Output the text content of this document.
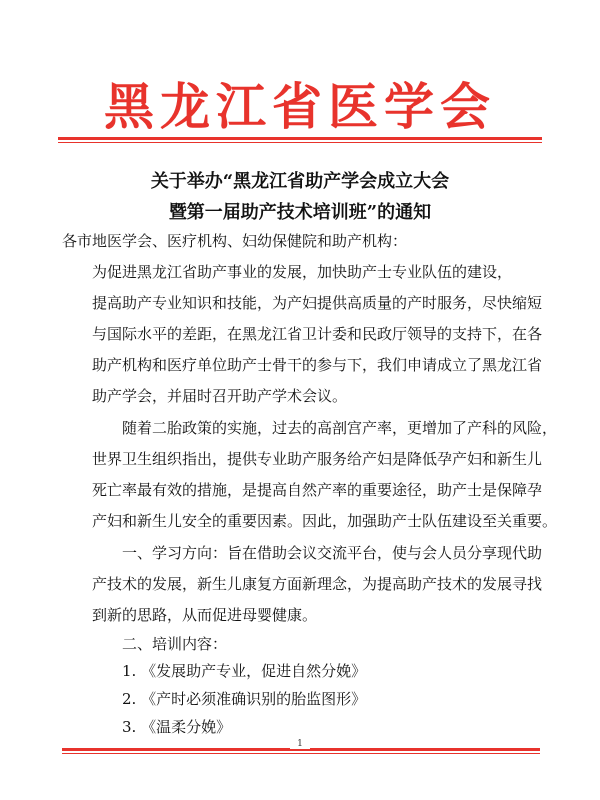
黑龙江省医学会
关于举办“黑龙江省助产学会成立大会
暨第一届助产技术培训班”的通知
各市地医学会、医疗机构、妇幼保健院和助产机构：
为促进黑龙江省助产事业的发展，加快助产士专业队伍的建设，
提高助产专业知识和技能，为产妇提供高质量的产时服务，尽快缩短
与国际水平的差距，在黑龙江省卫计委和民政厅领导的支持下，在各
助产机构和医疗单位助产士骨干的参与下，我们申请成立了黑龙江省
助产学会，并届时召开助产学术会议。
随着二胎政策的实施，过去的高剖宫产率，更增加了产科的风险，
世界卫生组织指出，提供专业助产服务给产妇是降低孕产妇和新生儿
死亡率最有效的措施，是提高自然产率的重要途径，助产士是保障孕
产妇和新生儿安全的重要因素。因此，加强助产士队伍建设至关重要。
一、学习方向：旨在借助会议交流平台，使与会人员分享现代助
产技术的发展，新生儿康复方面新理念，为提高助产技术的发展寻找
到新的思路，从而促进母婴健康。
二、培训内容：
1. 《发展助产专业，促进自然分娩》
2. 《产时必须准确识别的胎监图形》
3. 《温柔分娩》
1
